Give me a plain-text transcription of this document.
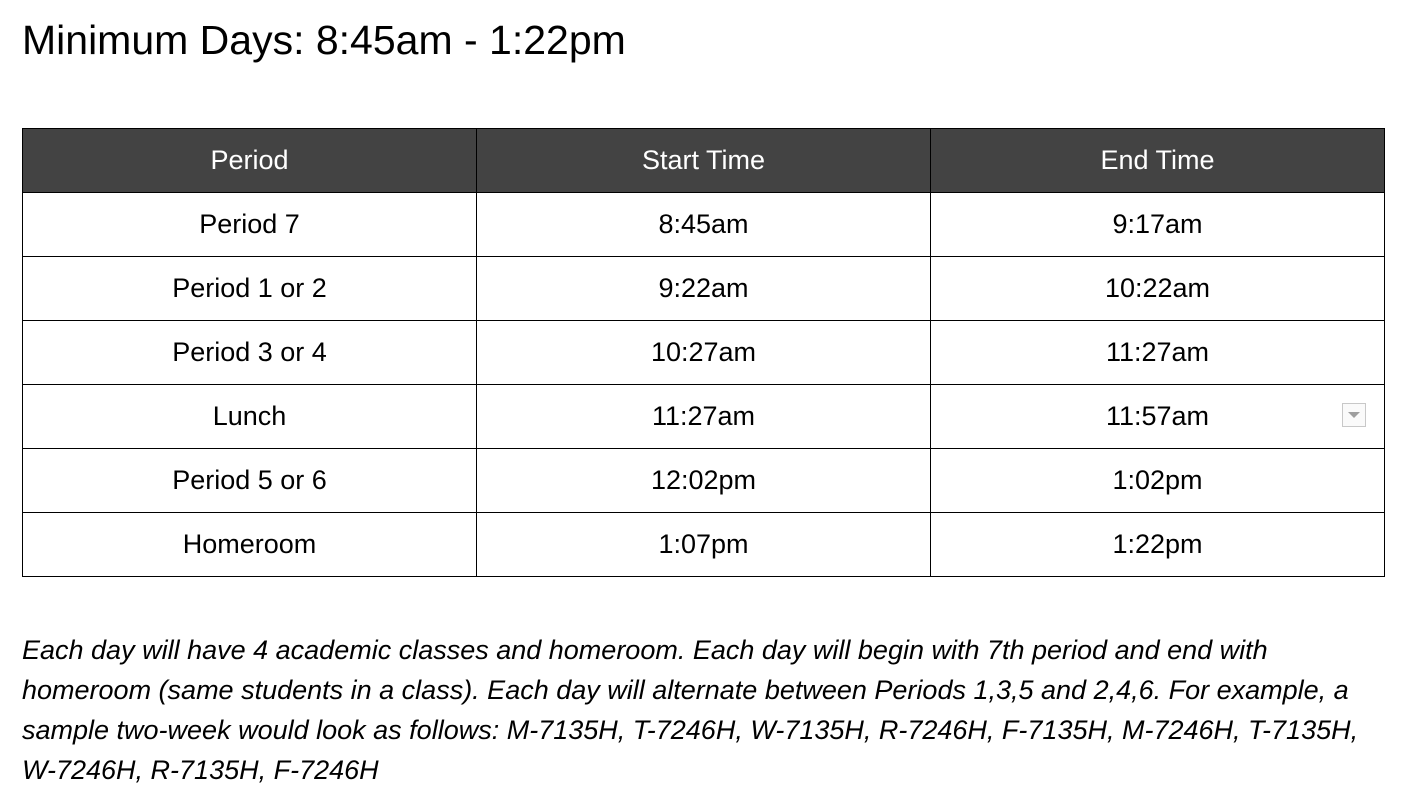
Minimum Days: 8:45am - 1:22pm
Period	Start Time	End Time
Period 7	8:45am	9:17am
Period 1 or 2	9:22am	10:22am
Period 3 or 4	10:27am	11:27am
Lunch	11:27am	11:57am

Period 5 or 6	12:02pm	1:02pm
Homeroom	1:07pm	1:22pm

Each day will have 4 academic classes and homeroom. Each day will begin with 7th period and end with homeroom (same students in a class). Each day will alternate between Periods 1,3,5 and 2,4,6. For example, a sample two-week would look as follows: M-7135H, T-7246H, W-7135H, R-7246H, F-7135H, M-7246H, T-7135H, W-7246H, R-7135H, F-7246H
